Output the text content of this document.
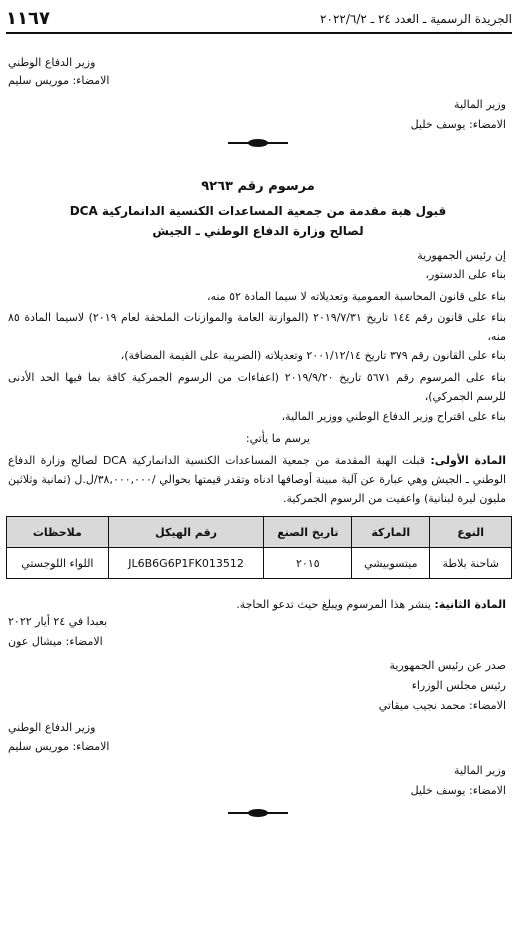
١١٦٧	الجريدة الرسمية ـ العدد ٢٤ ـ ٢٠٢٢/٦/٢
وزير الدفاع الوطني
الامضاء: موريس سليم
وزير المالية
الامضاء: يوسف خليل
مرسوم رقم ٩٢٦٣
قبول هبة مقدمة من جمعية المساعدات الكنسية الدانماركية DCA
لصالح وزارة الدفاع الوطني ـ الجيش
إن رئيس الجمهورية
بناء على الدستور،
بناء على قانون المحاسبة العمومية وتعديلاته لا سيما المادة ٥٢ منه،
بناء على قانون رقم ١٤٤ تاريخ ٢٠١٩/٧/٣١ (الموازنة العامة والموازنات الملحقة لعام ٢٠١٩) لاسيما المادة ٨٥ منه،
بناء على القانون رقم ٣٧٩ تاريخ ٢٠٠١/١٢/١٤ وتعديلاته (الضريبة على القيمة المضافة)،
بناء على المرسوم رقم ٥٦٧١ تاريخ ٢٠١٩/٩/٢٠ (اعفاءات من الرسوم الجمركية كافة بما فيها الحد الأدنى للرسم الجمركي)،
بناء على اقتراح وزير الدفاع الوطني ووزير المالية،
يرسم ما يأتي:
المادة الأولى: قبلت الهبة المقدمة من جمعية المساعدات الكنسية الدانماركية DCA لصالح وزارة الدفاع الوطني ـ الجيش وهي عبارة عن آلية مبينة أوصافها ادناه وتقدر قيمتها بحوالي /٣٨,٠٠٠,٠٠٠/ل.ل (ثمانية وثلاثين مليون ليرة لبنانية) واعفيت من الرسوم الجمركية.
النوع	الماركة	تاريخ الصنع	رقم الهيكل	ملاحظات
شاحنة بلاطة	ميتسوبيشي	٢٠١٥	JL6B6G6P1FK013512	اللواء اللوجستي
المادة الثانية: ينشر هذا المرسوم ويبلغ حيث تدعو الحاجة.
بعبدا في ٢٤ أيار ٢٠٢٢
الامضاء: ميشال عون
صدر عن رئيس الجمهورية
رئيس مجلس الوزراء
الامضاء: محمد نجيب ميقاتي
وزير الدفاع الوطني
الامضاء: موريس سليم
وزير المالية
الامضاء: يوسف خليل
